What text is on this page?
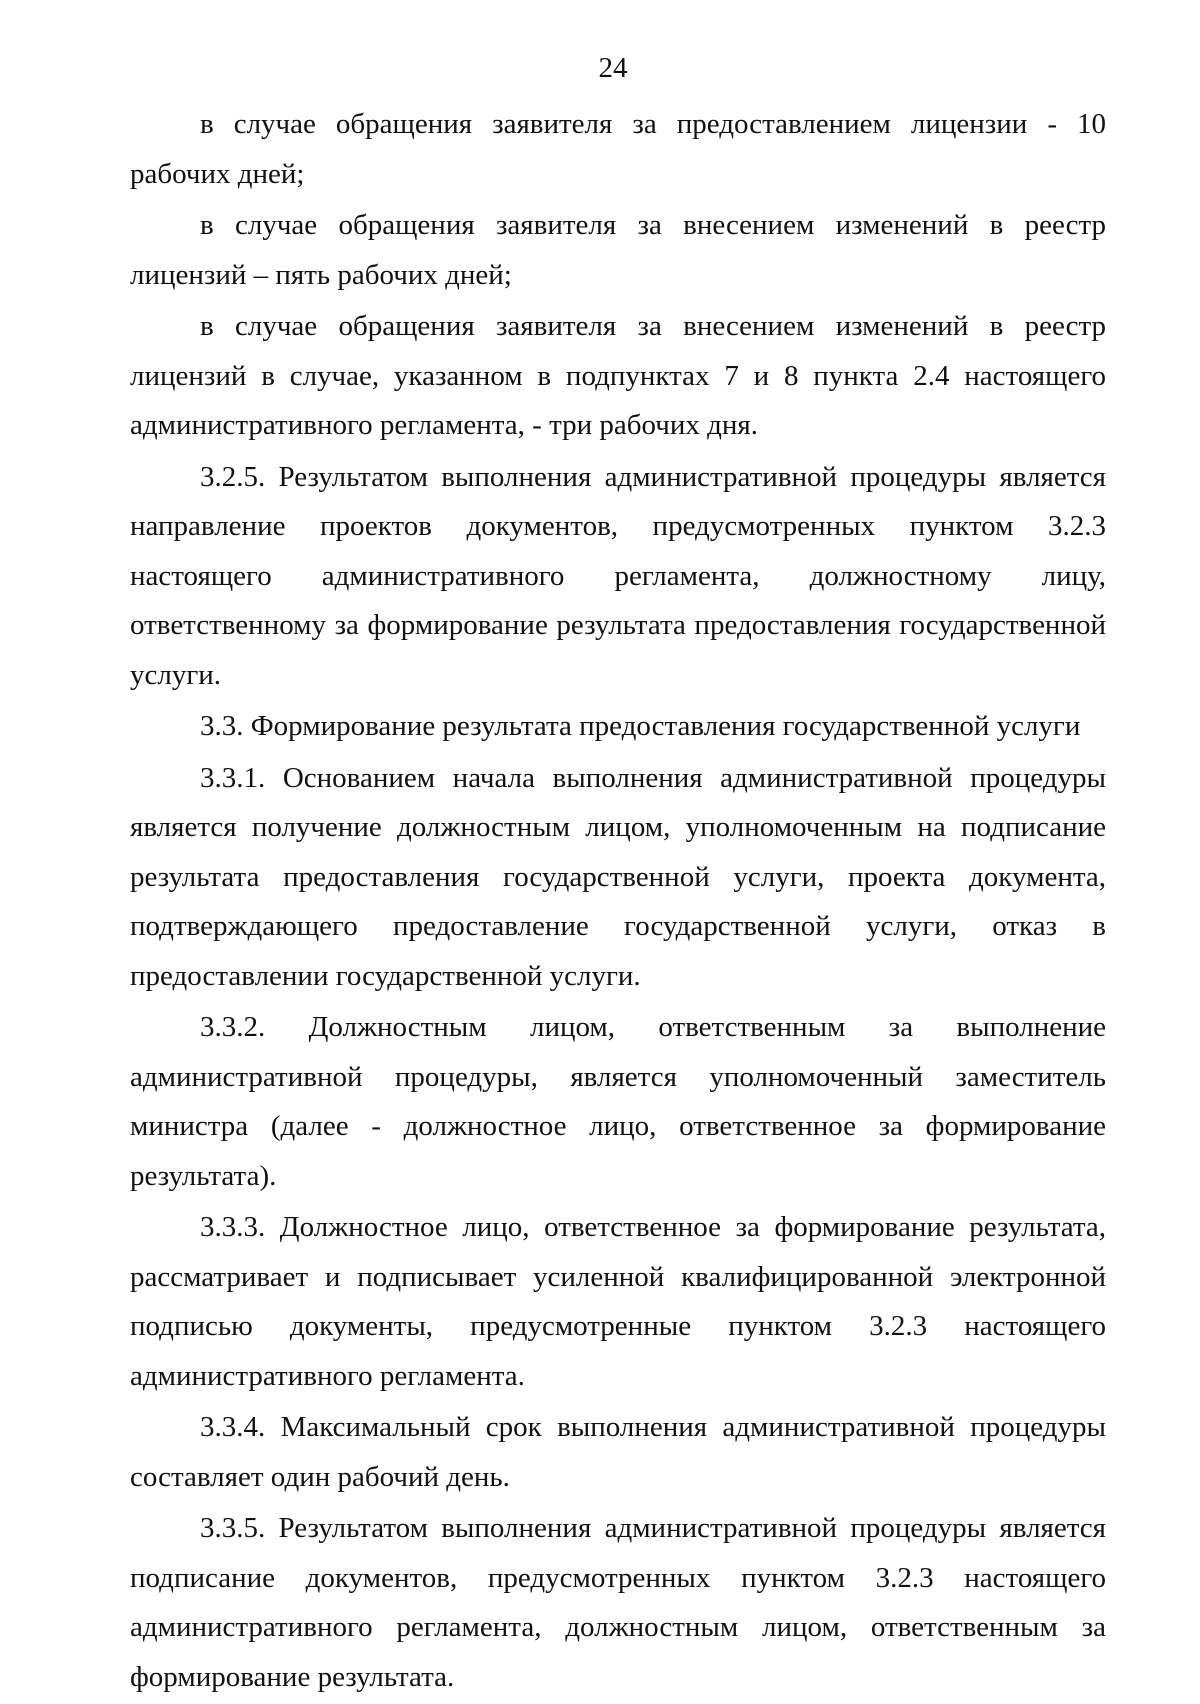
24

в случае обращения заявителя за предоставлением лицензии - 10 рабочих дней;

в случае обращения заявителя за внесением изменений в реестр лицензий – пять рабочих дней;

в случае обращения заявителя за внесением изменений в реестр лицензий в случае, указанном в подпунктах 7 и 8 пункта 2.4 настоящего административного регламента, - три рабочих дня.

3.2.5. Результатом выполнения административной процедуры является направление проектов документов, предусмотренных пунктом 3.2.3 настоящего административного регламента, должностному лицу, ответственному за формирование результата предоставления государственной услуги.

3.3. Формирование результата предоставления государственной услуги

3.3.1. Основанием начала выполнения административной процедуры является получение должностным лицом, уполномоченным на подписание результата предоставления государственной услуги, проекта документа, подтверждающего предоставление государственной услуги, отказ в предоставлении государственной услуги.

3.3.2. Должностным лицом, ответственным за выполнение административной процедуры, является уполномоченный заместитель министра (далее - должностное лицо, ответственное за формирование результата).

3.3.3. Должностное лицо, ответственное за формирование результата, рассматривает и подписывает усиленной квалифицированной электронной подписью документы, предусмотренные пунктом 3.2.3 настоящего административного регламента.

3.3.4. Максимальный срок выполнения административной процедуры составляет один рабочий день.

3.3.5. Результатом выполнения административной процедуры является подписание документов, предусмотренных пунктом 3.2.3 настоящего административного регламента, должностным лицом, ответственным за формирование результата.
